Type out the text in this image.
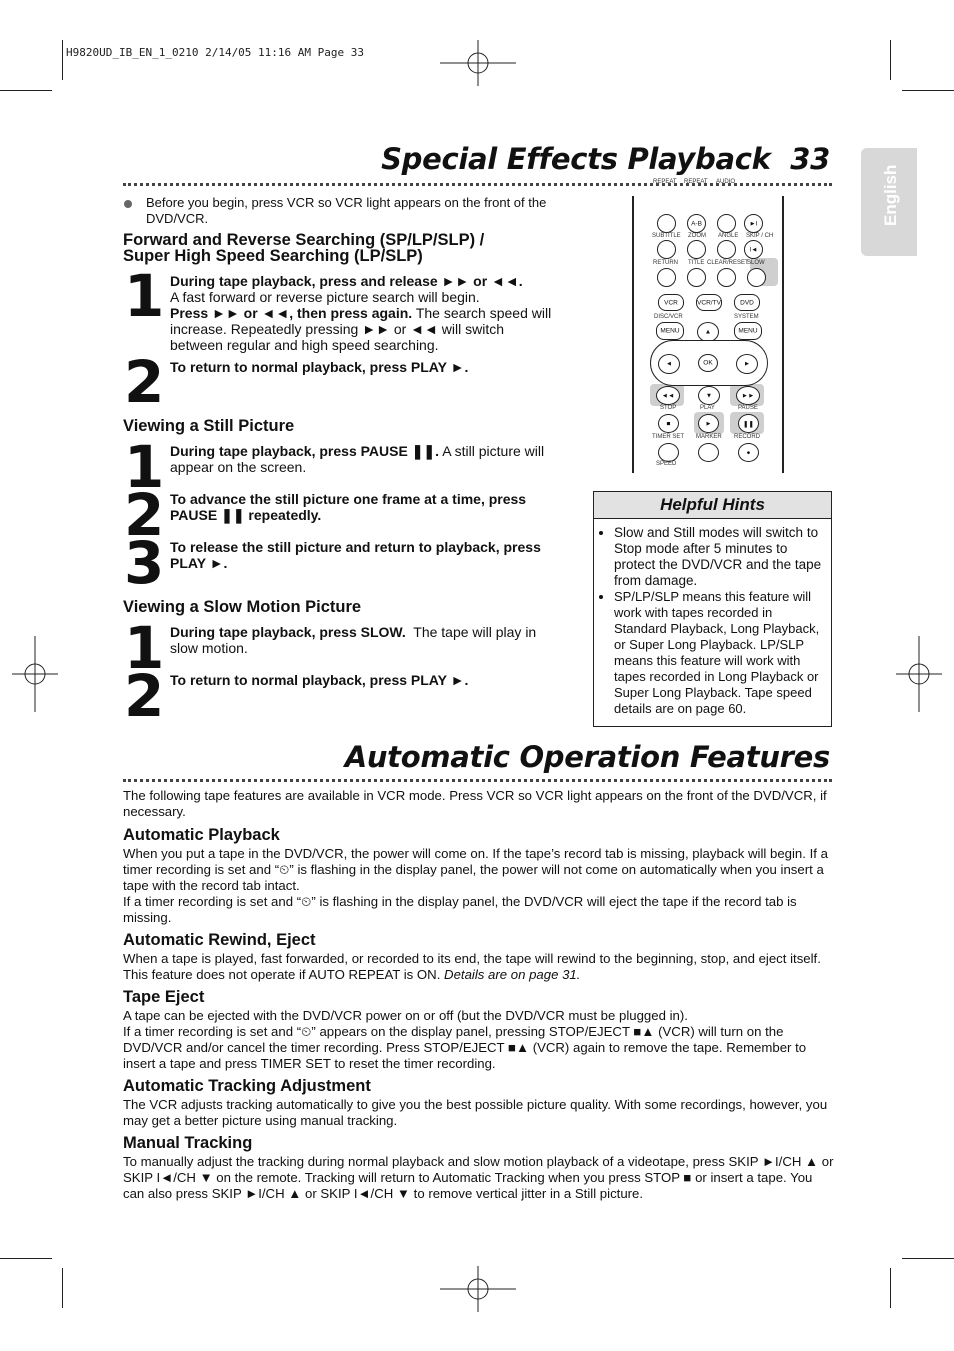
H9820UD_IB_EN_1_0210 2/14/05 11:16 AM Page 33
English
Special Effects Playback 33
Before you begin, press VCR so VCR light appears on the front of the DVD/VCR.
Forward and Reverse Searching (SP/LP/SLP) /
Super High Speed Searching (LP/SLP)
1 During tape playback, press and release ►► or ◄◄.
A fast forward or reverse picture search will begin.
Press ►► or ◄◄, then press again. The search speed will increase. Repeatedly pressing ►► or ◄◄ will switch between regular and high speed searching.
2 To return to normal playback, press PLAY ►.
Viewing a Still Picture
1 During tape playback, press PAUSE ❚❚. A still picture will appear on the screen.
2 To advance the still picture one frame at a time, press PAUSE ❚❚ repeatedly.
3 To release the still picture and return to playback, press PLAY ►.
Viewing a Slow Motion Picture
1 During tape playback, press SLOW. The tape will play in slow motion.
2 To return to normal playback, press PLAY ►.
REPEAT REPEAT AUDIO
A-B	►I
SUBTITLE ZOOM ANGLE SKIP / CH
I◄
RETURN TITLE CLEAR/RESET
SLOW
VCR	VCR/TV	DVD
DISC/VCR	SYSTEM
MENU	▲	MENU
◄	OK	►
◄◄	▼	►►
STOP	PLAY	PAUSE
■	►	❚❚
TIMER SET MARKER RECORD
●
SPEED
Helpful Hints
• Slow and Still modes will switch to Stop mode after 5 minutes to protect the DVD/VCR and the tape from damage.
• SP/LP/SLP means this feature will work with tapes recorded in Standard Playback, Long Playback, or Super Long Playback. LP/SLP means this feature will work with tapes recorded in Long Playback or Super Long Playback. Tape speed details are on page 60.
Automatic Operation Features
The following tape features are available in VCR mode. Press VCR so VCR light appears on the front of the DVD/VCR, if necessary.
Automatic Playback
When you put a tape in the DVD/VCR, the power will come on. If the tape’s record tab is missing, playback will begin. If a timer recording is set and “⏲” is flashing in the display panel, the power will not come on automatically when you insert a tape with the record tab intact.
If a timer recording is set and “⏲” is flashing in the display panel, the DVD/VCR will eject the tape if the record tab is missing.
Automatic Rewind, Eject
When a tape is played, fast forwarded, or recorded to its end, the tape will rewind to the beginning, stop, and eject itself. This feature does not operate if AUTO REPEAT is ON. Details are on page 31.
Tape Eject
A tape can be ejected with the DVD/VCR power on or off (but the DVD/VCR must be plugged in).
If a timer recording is set and “⏲” appears on the display panel, pressing STOP/EJECT ■▲ (VCR) will turn on the DVD/VCR and/or cancel the timer recording. Press STOP/EJECT ■▲ (VCR) again to remove the tape. Remember to insert a tape and press TIMER SET to reset the timer recording.
Automatic Tracking Adjustment
The VCR adjusts tracking automatically to give you the best possible picture quality. With some recordings, however, you may get a better picture using manual tracking.
Manual Tracking
To manually adjust the tracking during normal playback and slow motion playback of a videotape, press SKIP ►I/CH ▲ or SKIP I◄/CH ▼ on the remote. Tracking will return to Automatic Tracking when you press STOP ■ or insert a tape. You can also press SKIP ►I/CH ▲ or SKIP I◄/CH ▼ to remove vertical jitter in a Still picture.
